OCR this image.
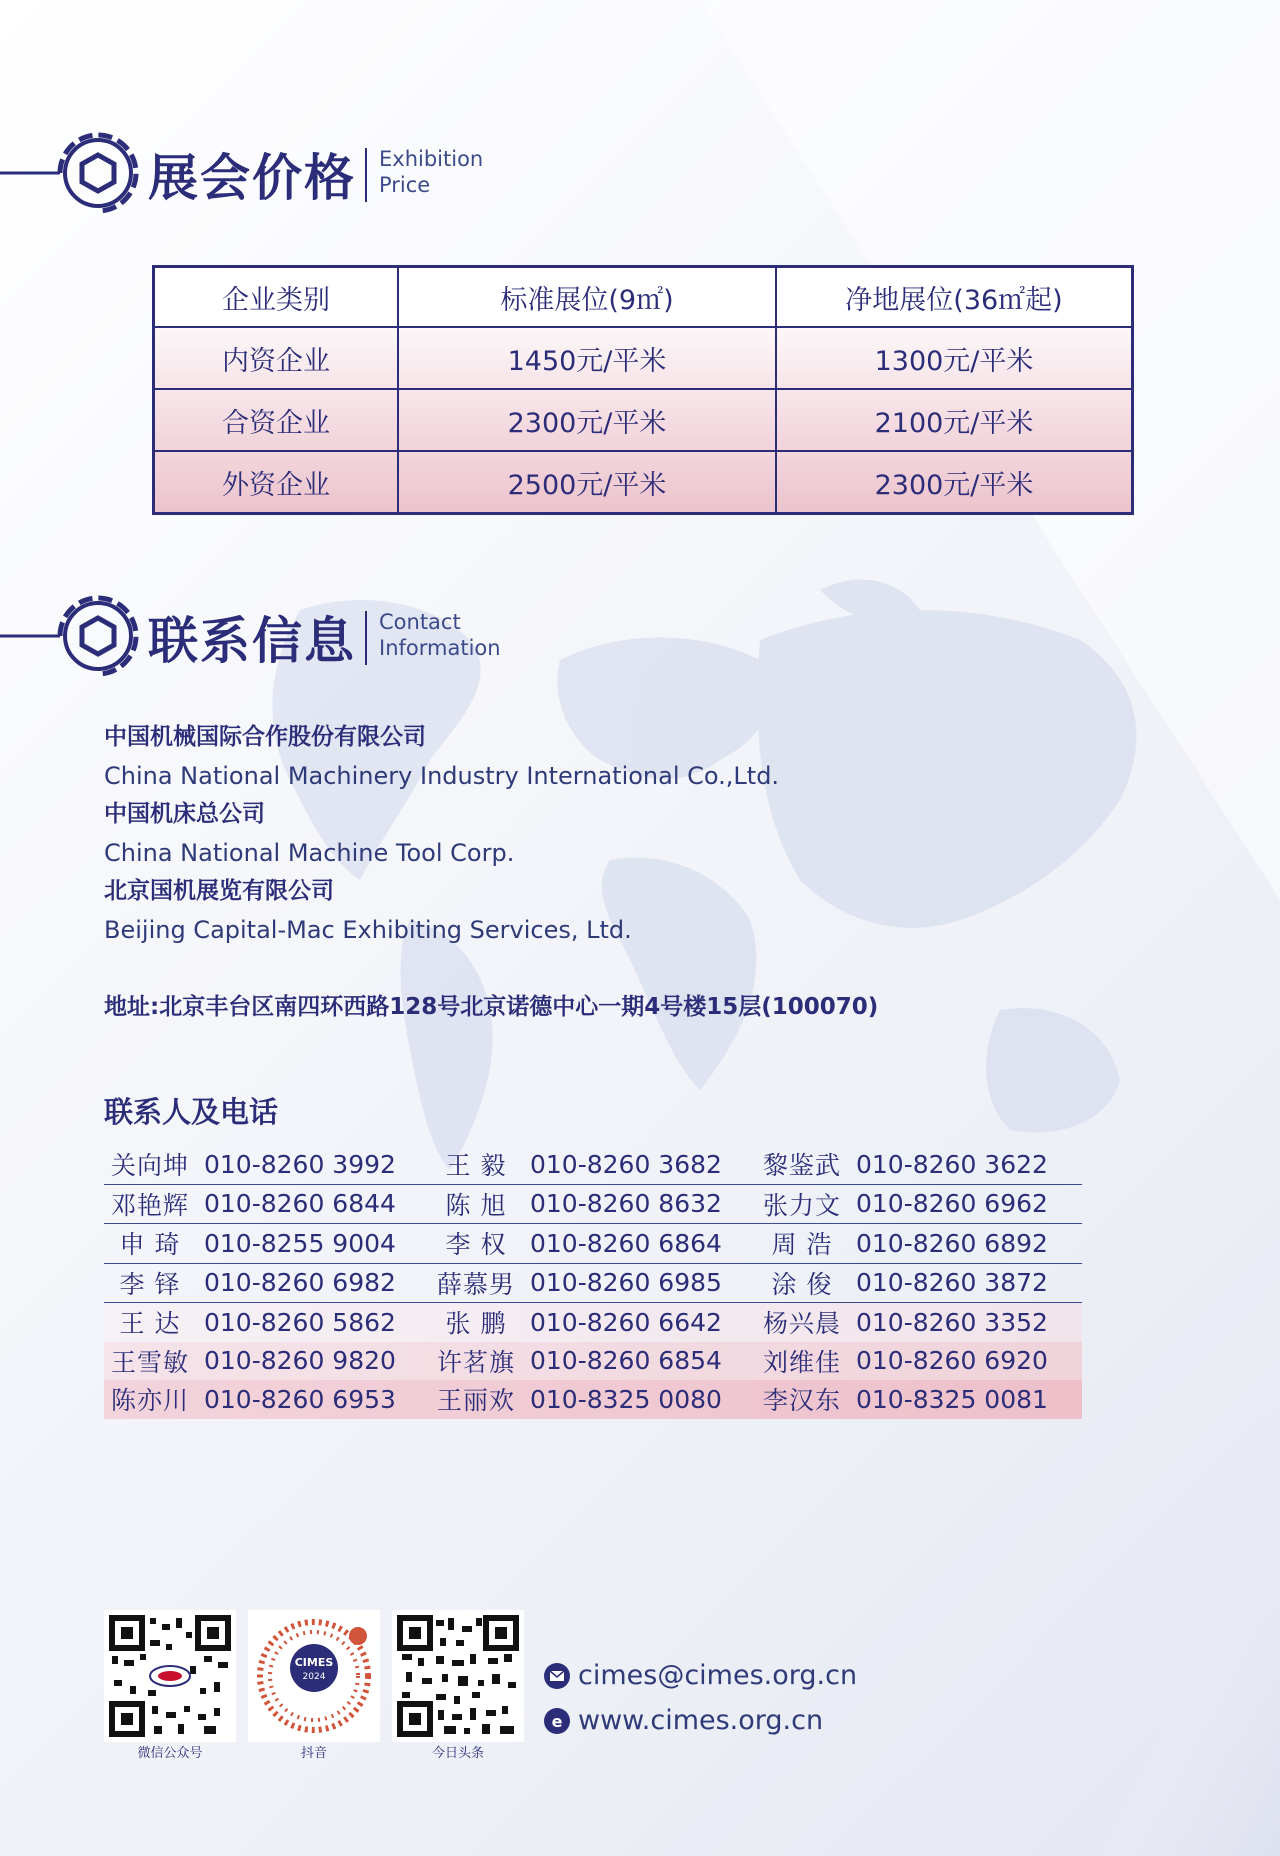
展会价格 Exhibition
Price
企业类别	标准展位(9㎡)	净地展位(36㎡起)
内资企业	1450元/平米	1300元/平米
合资企业	2300元/平米	2100元/平米
外资企业	2500元/平米	2300元/平米
联系信息 Contact
Information
中国机械国际合作股份有限公司
China National Machinery Industry International Co.,Ltd.
中国机床总公司
China National Machine Tool Corp.
北京国机展览有限公司
Beijing Capital-Mac Exhibiting Services, Ltd.
地址:北京丰台区南四环西路128号北京诺德中心一期4号楼15层(100070)
联系人及电话
关向坤 010-8260 3992	王 毅 010-8260 3682 黎鉴武 010-8260 3622
邓艳辉 010-8260 6844	陈 旭 010-8260 8632 张力文 010-8260 6962
申 琦 010-8255 9004	李 权 010-8260 6864	周 浩 010-8260 6892
李 铎 010-8260 6982 薛慕男 010-8260 6985	涂 俊 010-8260 3872
王 达 010-8260 5862	张 鹏 010-8260 6642 杨兴晨 010-8260 3352
王雪敏 010-8260 9820 许茗旗 010-8260 6854 刘维佳 010-8260 6920
陈亦川 010-8260 6953 王丽欢 010-8325 0080 李汉东 010-8325 0081
微信公众号
CIMES
2024
抖音	今日头条
cimes@cimes.org.cn
e www.cimes.org.cn
